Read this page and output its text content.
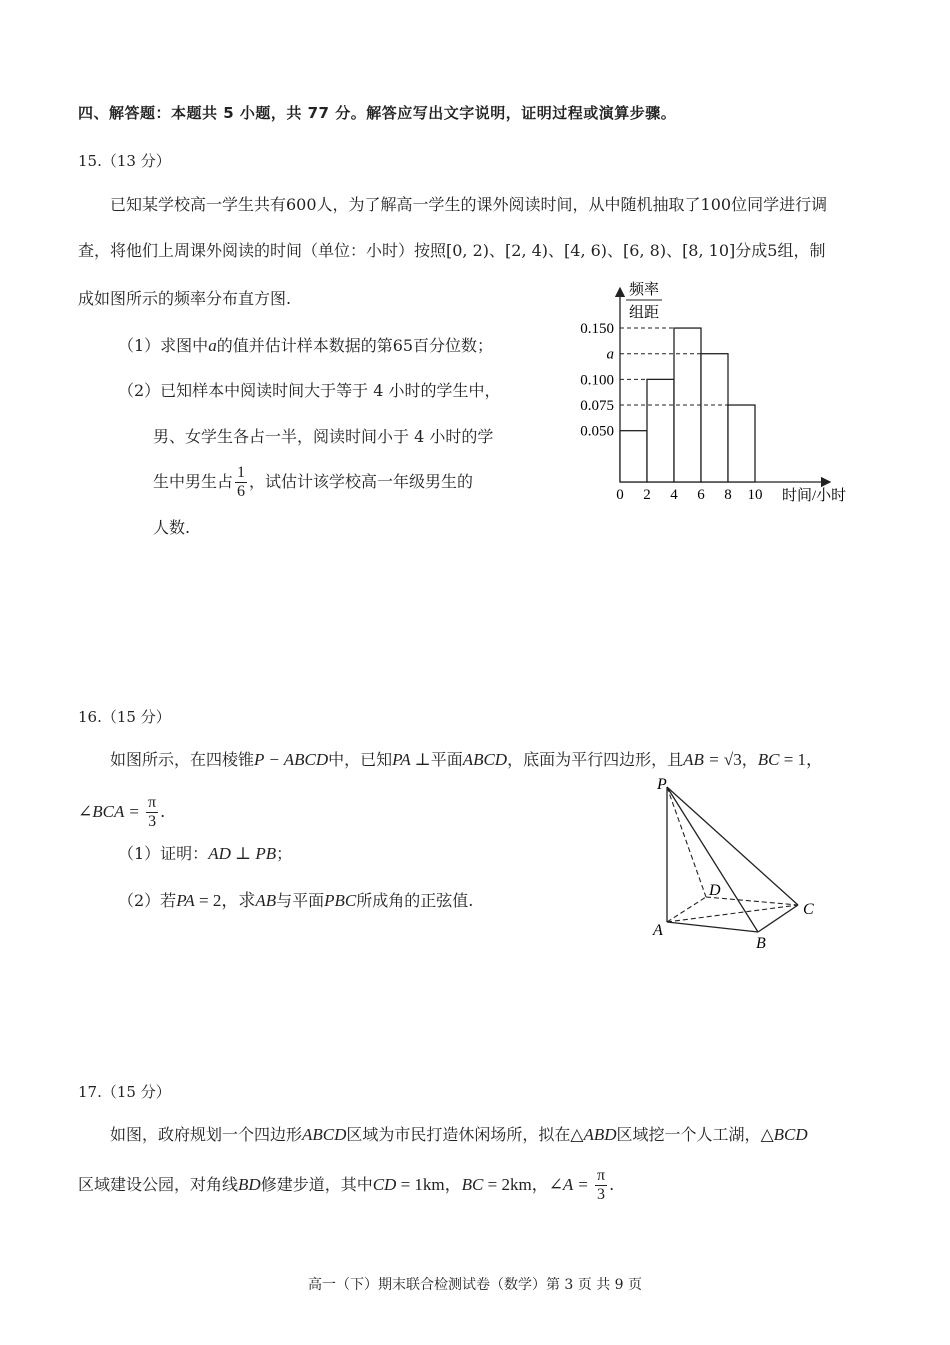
四、解答题：本题共 5 小题，共 77 分。解答应写出文字说明，证明过程或演算步骤。
15.（13 分）
已知某学校高一学生共有600人，为了解高一学生的课外阅读时间，从中随机抽取了100位同学进行调
查，将他们上周课外阅读的时间（单位：小时）按照[0, 2)、[2, 4)、[4, 6)、[6, 8)、[8, 10]分成5组，制
成如图所示的频率分布直方图.
（1）求图中a的值并估计样本数据的第65百分位数；
（2）已知样本中阅读时间大于等于 4 小时的学生中，
男、女学生各占一半，阅读时间小于 4 小时的学
生中男生占 $\frac{1}{6}$ ，试估计该学校高一年级男生的
人数.
0.050
0.075
0.100
a
0.150
0 2 4 6 8 10
频率
组距
时间/小时
16.（15 分）
如图所示，在四棱锥P − ABCD中，已知PA ⊥平面ABCD，底面为平行四边形，且AB = √3，BC = 1，
∠BCA = $\frac{\pi}{3}$ .
（1）证明：AD ⊥ PB；
（2）若PA = 2，求AB与平面PBC所成角的正弦值.
P
A
B
C
D
17.（15 分）
如图，政府规划一个四边形ABCD区域为市民打造休闲场所，拟在△ABD区域挖一个人工湖，△BCD
区域建设公园，对角线BD修建步道，其中CD = 1km，BC = 2km，∠A = $\frac{\pi}{3}$ .
高一（下）期末联合检测试卷（数学）第 3 页 共 9 页
